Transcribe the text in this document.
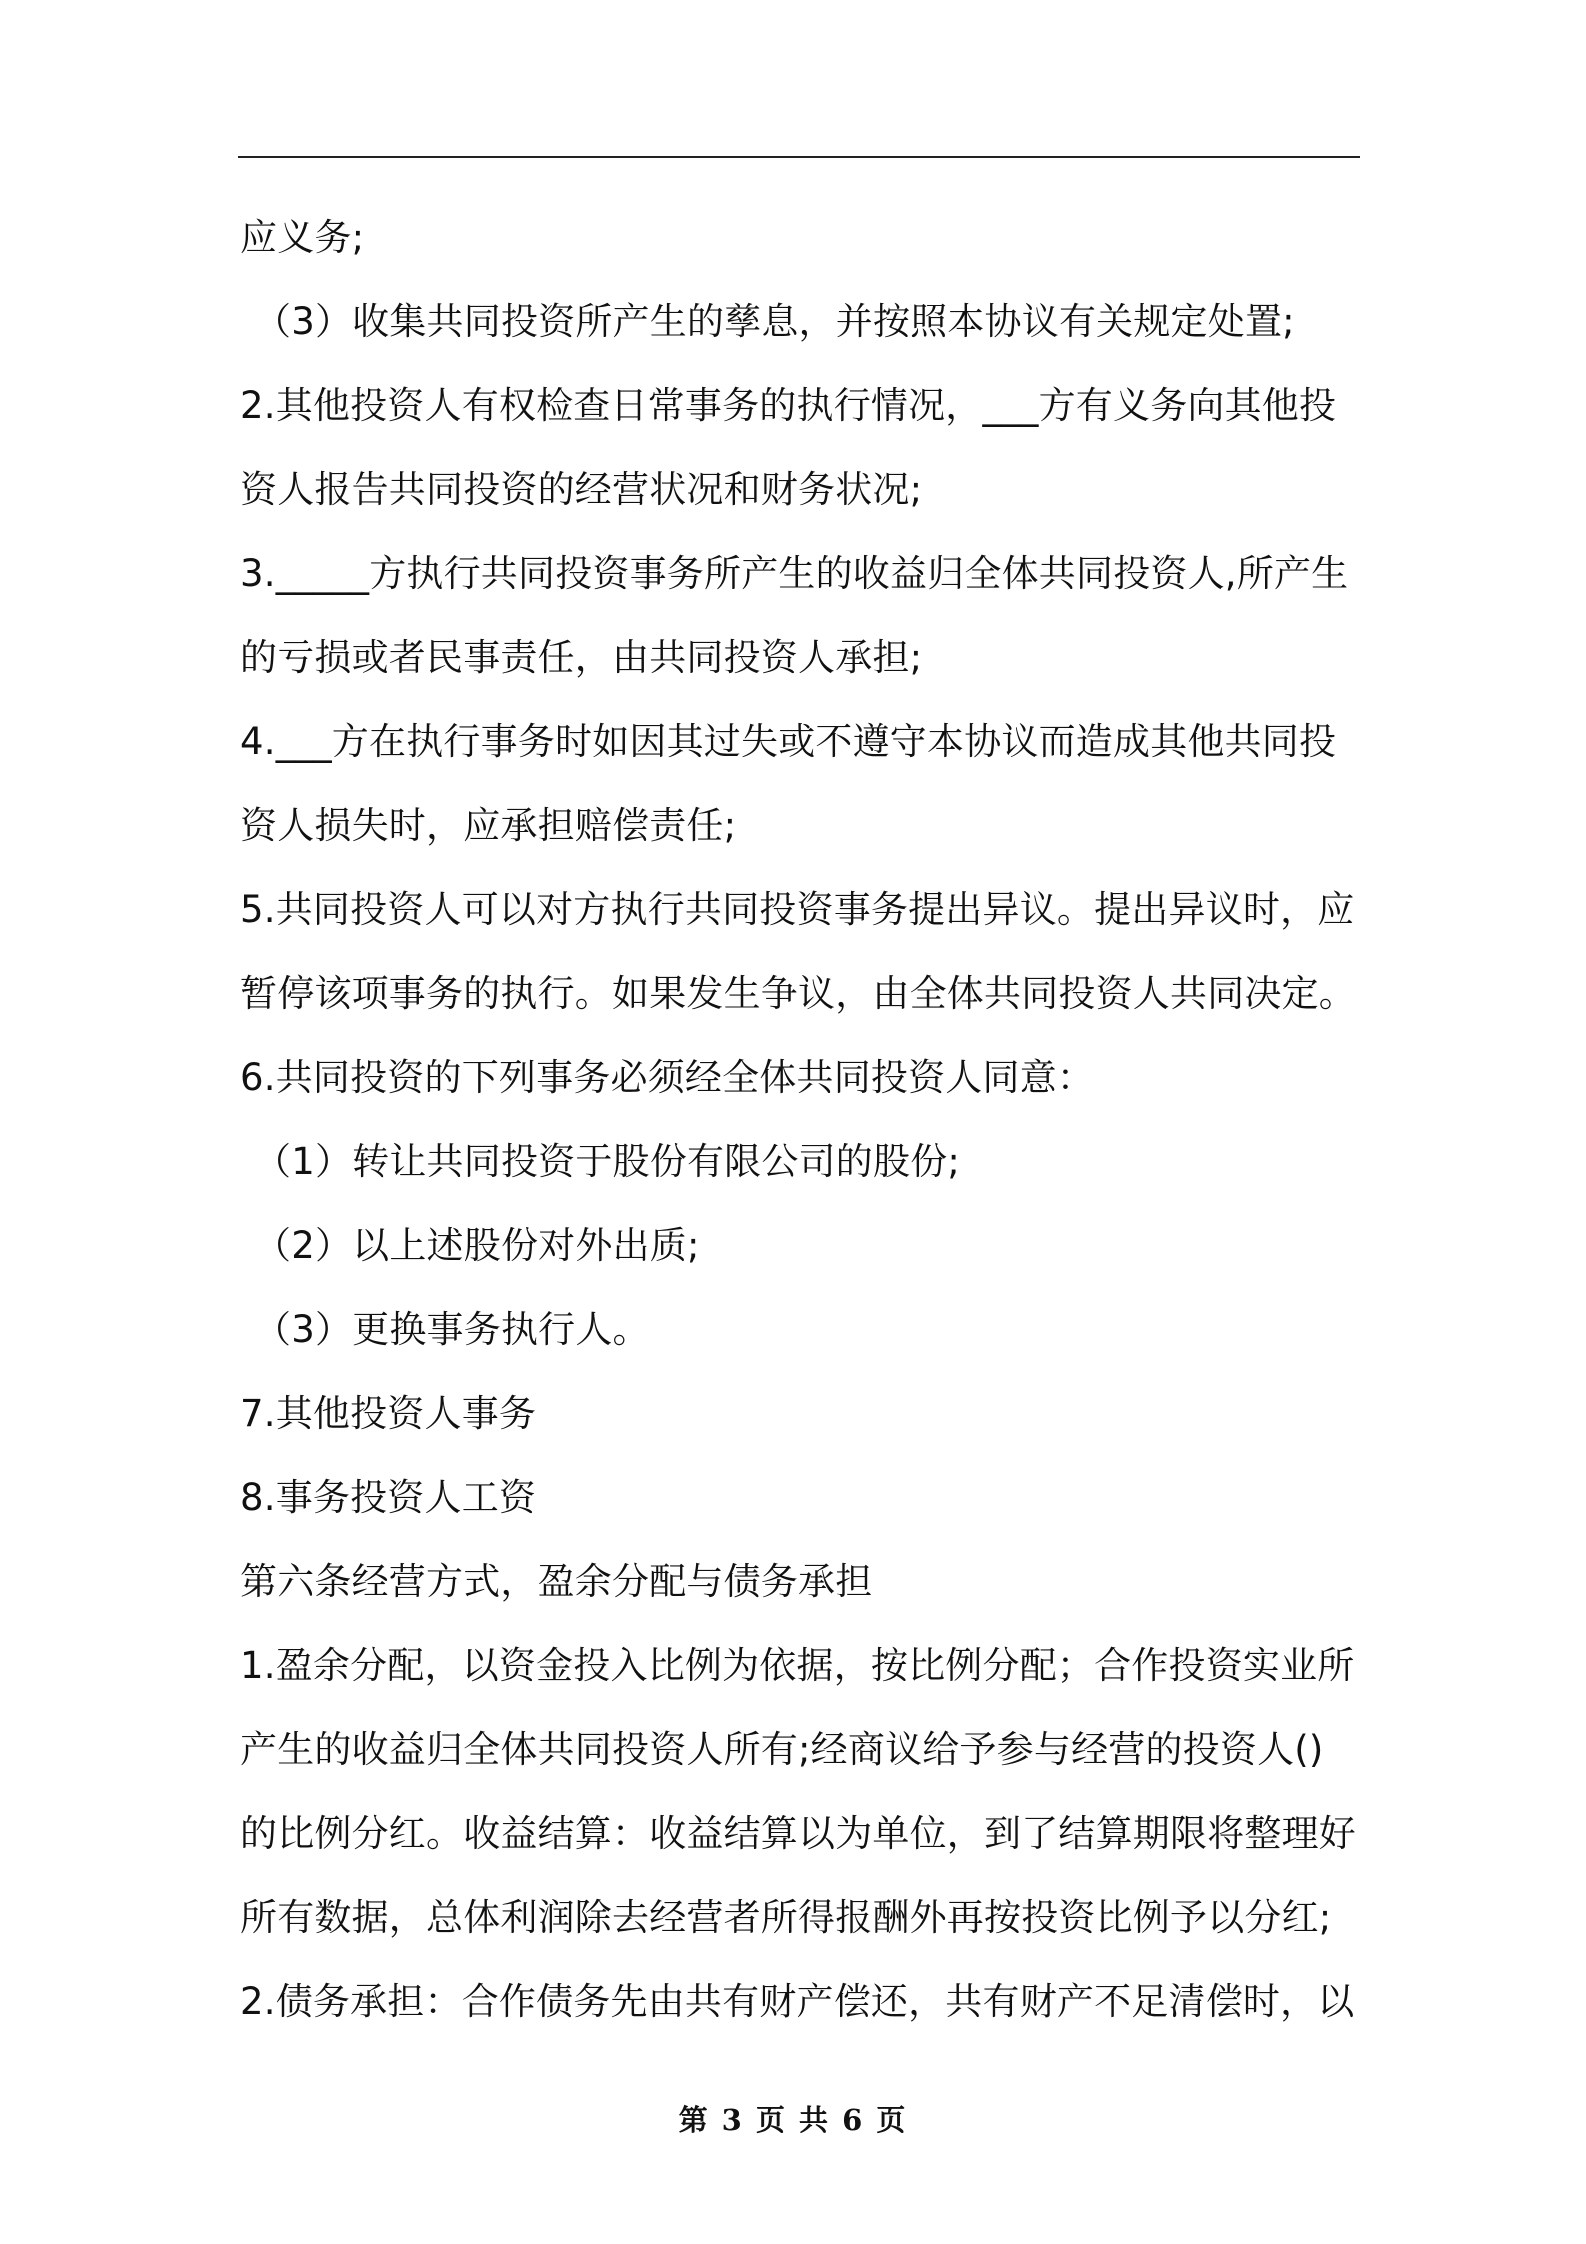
应义务;
（3）收集共同投资所产生的孳息，并按照本协议有关规定处置;
2.其他投资人有权检查日常事务的执行情况，___方有义务向其他投
资人报告共同投资的经营状况和财务状况;
3._____方执行共同投资事务所产生的收益归全体共同投资人,所产生
的亏损或者民事责任，由共同投资人承担;
4.___方在执行事务时如因其过失或不遵守本协议而造成其他共同投
资人损失时，应承担赔偿责任;
5.共同投资人可以对方执行共同投资事务提出异议。提出异议时，应
暂停该项事务的执行。如果发生争议，由全体共同投资人共同决定。
6.共同投资的下列事务必须经全体共同投资人同意：
（1）转让共同投资于股份有限公司的股份;
（2）以上述股份对外出质;
（3）更换事务执行人。
7.其他投资人事务
8.事务投资人工资
第六条经营方式，盈余分配与债务承担
1.盈余分配，以资金投入比例为依据，按比例分配；合作投资实业所
产生的收益归全体共同投资人所有;经商议给予参与经营的投资人()
的比例分红。收益结算：收益结算以为单位，到了结算期限将整理好
所有数据，总体利润除去经营者所得报酬外再按投资比例予以分红;
2.债务承担：合作债务先由共有财产偿还，共有财产不足清偿时，以
第 3 页 共 6 页
